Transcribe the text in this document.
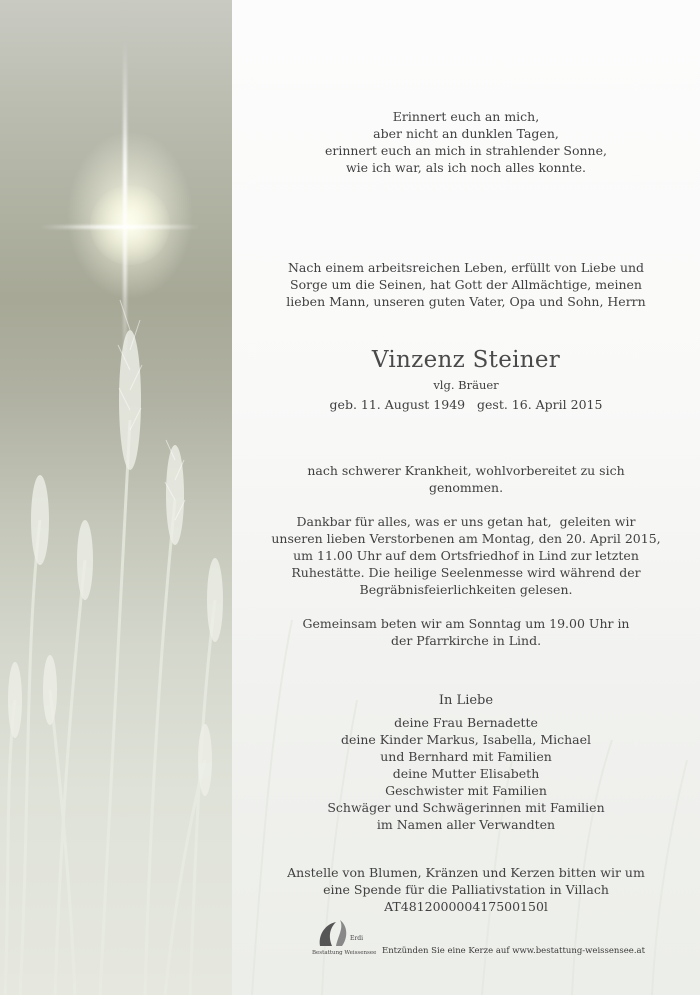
Erinnert euch an mich,

aber nicht an dunklen Tagen,

erinnert euch an mich in strahlender Sonne,

wie ich war, als ich noch alles konnte.

Nach einem arbeitsreichen Leben, erfüllt von Liebe und

Sorge um die Seinen, hat Gott der Allmächtige, meinen

lieben Mann, unseren guten Vater, Opa und Sohn, Herrn

Vinzenz Steiner
vlg. Bräuer
geb. 11. August 1949   gest. 16. April 2015

nach schwerer Krankheit, wohlvorbereitet zu sich

genommen.

Dankbar für alles, was er uns getan hat,  geleiten wir

unseren lieben Verstorbenen am Montag, den 20. April 2015,

um 11.00 Uhr auf dem Ortsfriedhof in Lind zur letzten

Ruhestätte. Die heilige Seelenmesse wird während der

Begräbnisfeierlichkeiten gelesen.

Gemeinsam beten wir am Sonntag um 19.00 Uhr in

der Pfarrkirche in Lind.

In Liebe

deine Frau Bernadette

deine Kinder Markus, Isabella, Michael

und Bernhard mit Familien

deine Mutter Elisabeth

Geschwister mit Familien

Schwäger und Schwägerinnen mit Familien

im Namen aller Verwandten

Anstelle von Blumen, Kränzen und Kerzen bitten wir um

eine Spende für die Palliativstation in Villach

AT481200000417500150l

Erdi
Bestattung Weissensee Entzünden Sie eine Kerze auf www.bestattung-weissensee.at
